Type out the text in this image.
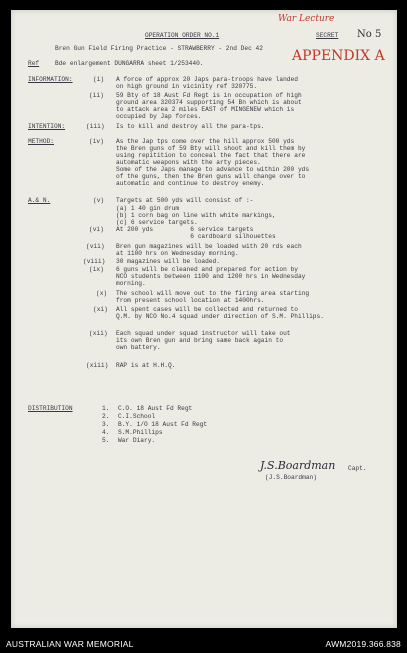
OPERATION ORDER NO.1	SECRET
War Lecture
No 5
APPENDIX A
Bren Gun Field Firing Practice - STRAWBERRY - 2nd Dec 42
Ref	Bde enlargement DUNGARRA sheet 1/253440.
INFORMATION:	(i) A force of approx 20 Japs para-troops have landed
on high ground in vicinity ref 320775.
(ii) 59 Bty of 18 Aust Fd Regt is in occupation of high
ground area 320374 supporting 54 Bn which is about
to attack area 2 miles EAST of MINGENEW which is
occupied by Jap forces.
INTENTION:	(iii) Is to kill and destroy all the para-tps.
METHOD:	(iv) As the Jap tps come over the hill approx 500 yds
the Bren guns of 59 Bty will shoot and kill them by
using repitition to conceal the fact that there are
automatic weapons with the arty pieces.
Some of the Japs manage to advance to within 200 yds
of the guns, then the Bren guns will change over to
automatic and continue to destroy enemy.
A.& N.	(v) Targets at 500 yds will consist of :-
(a) 1 40 gin drum
(b) 1 corn bag on line with white markings,
(c) 6 service targets.
(vi) At 200 yds          6 service targets
6 cardboard silhouettes
(vii) Bren gun magazines will be loaded with 20 rds each
at 1100 hrs on Wednesday morning.
(viii) 30 magazines will be loaded.
(ix) 6 guns will be cleaned and prepared for action by
NCO students between 1100 and 1200 hrs in Wednesday
morning.
(x) The school will move out to the firing area starting
from present school location at 1400hrs.
(xi) All spent cases will be collected and returned to
Q.M. by NCO No.4 squad under direction of S.M. Phillips.
(xii) Each squad under squad instructor will take out
its own Bren gun and bring same back again to
own battery.
(xiii) RAP is at H.H.Q.
DISTRIBUTION	1. C.O. 18 Aust Fd Regt
2. C.I.School
3. B.Y. 1/O 18 Aust Fd Regt
4. S.M.Phillips
5. War Diary.
J.S.Boardman Capt.
(J.S.Boardman)
AUSTRALIAN WAR MEMORIAL	AWM2019.366.838
